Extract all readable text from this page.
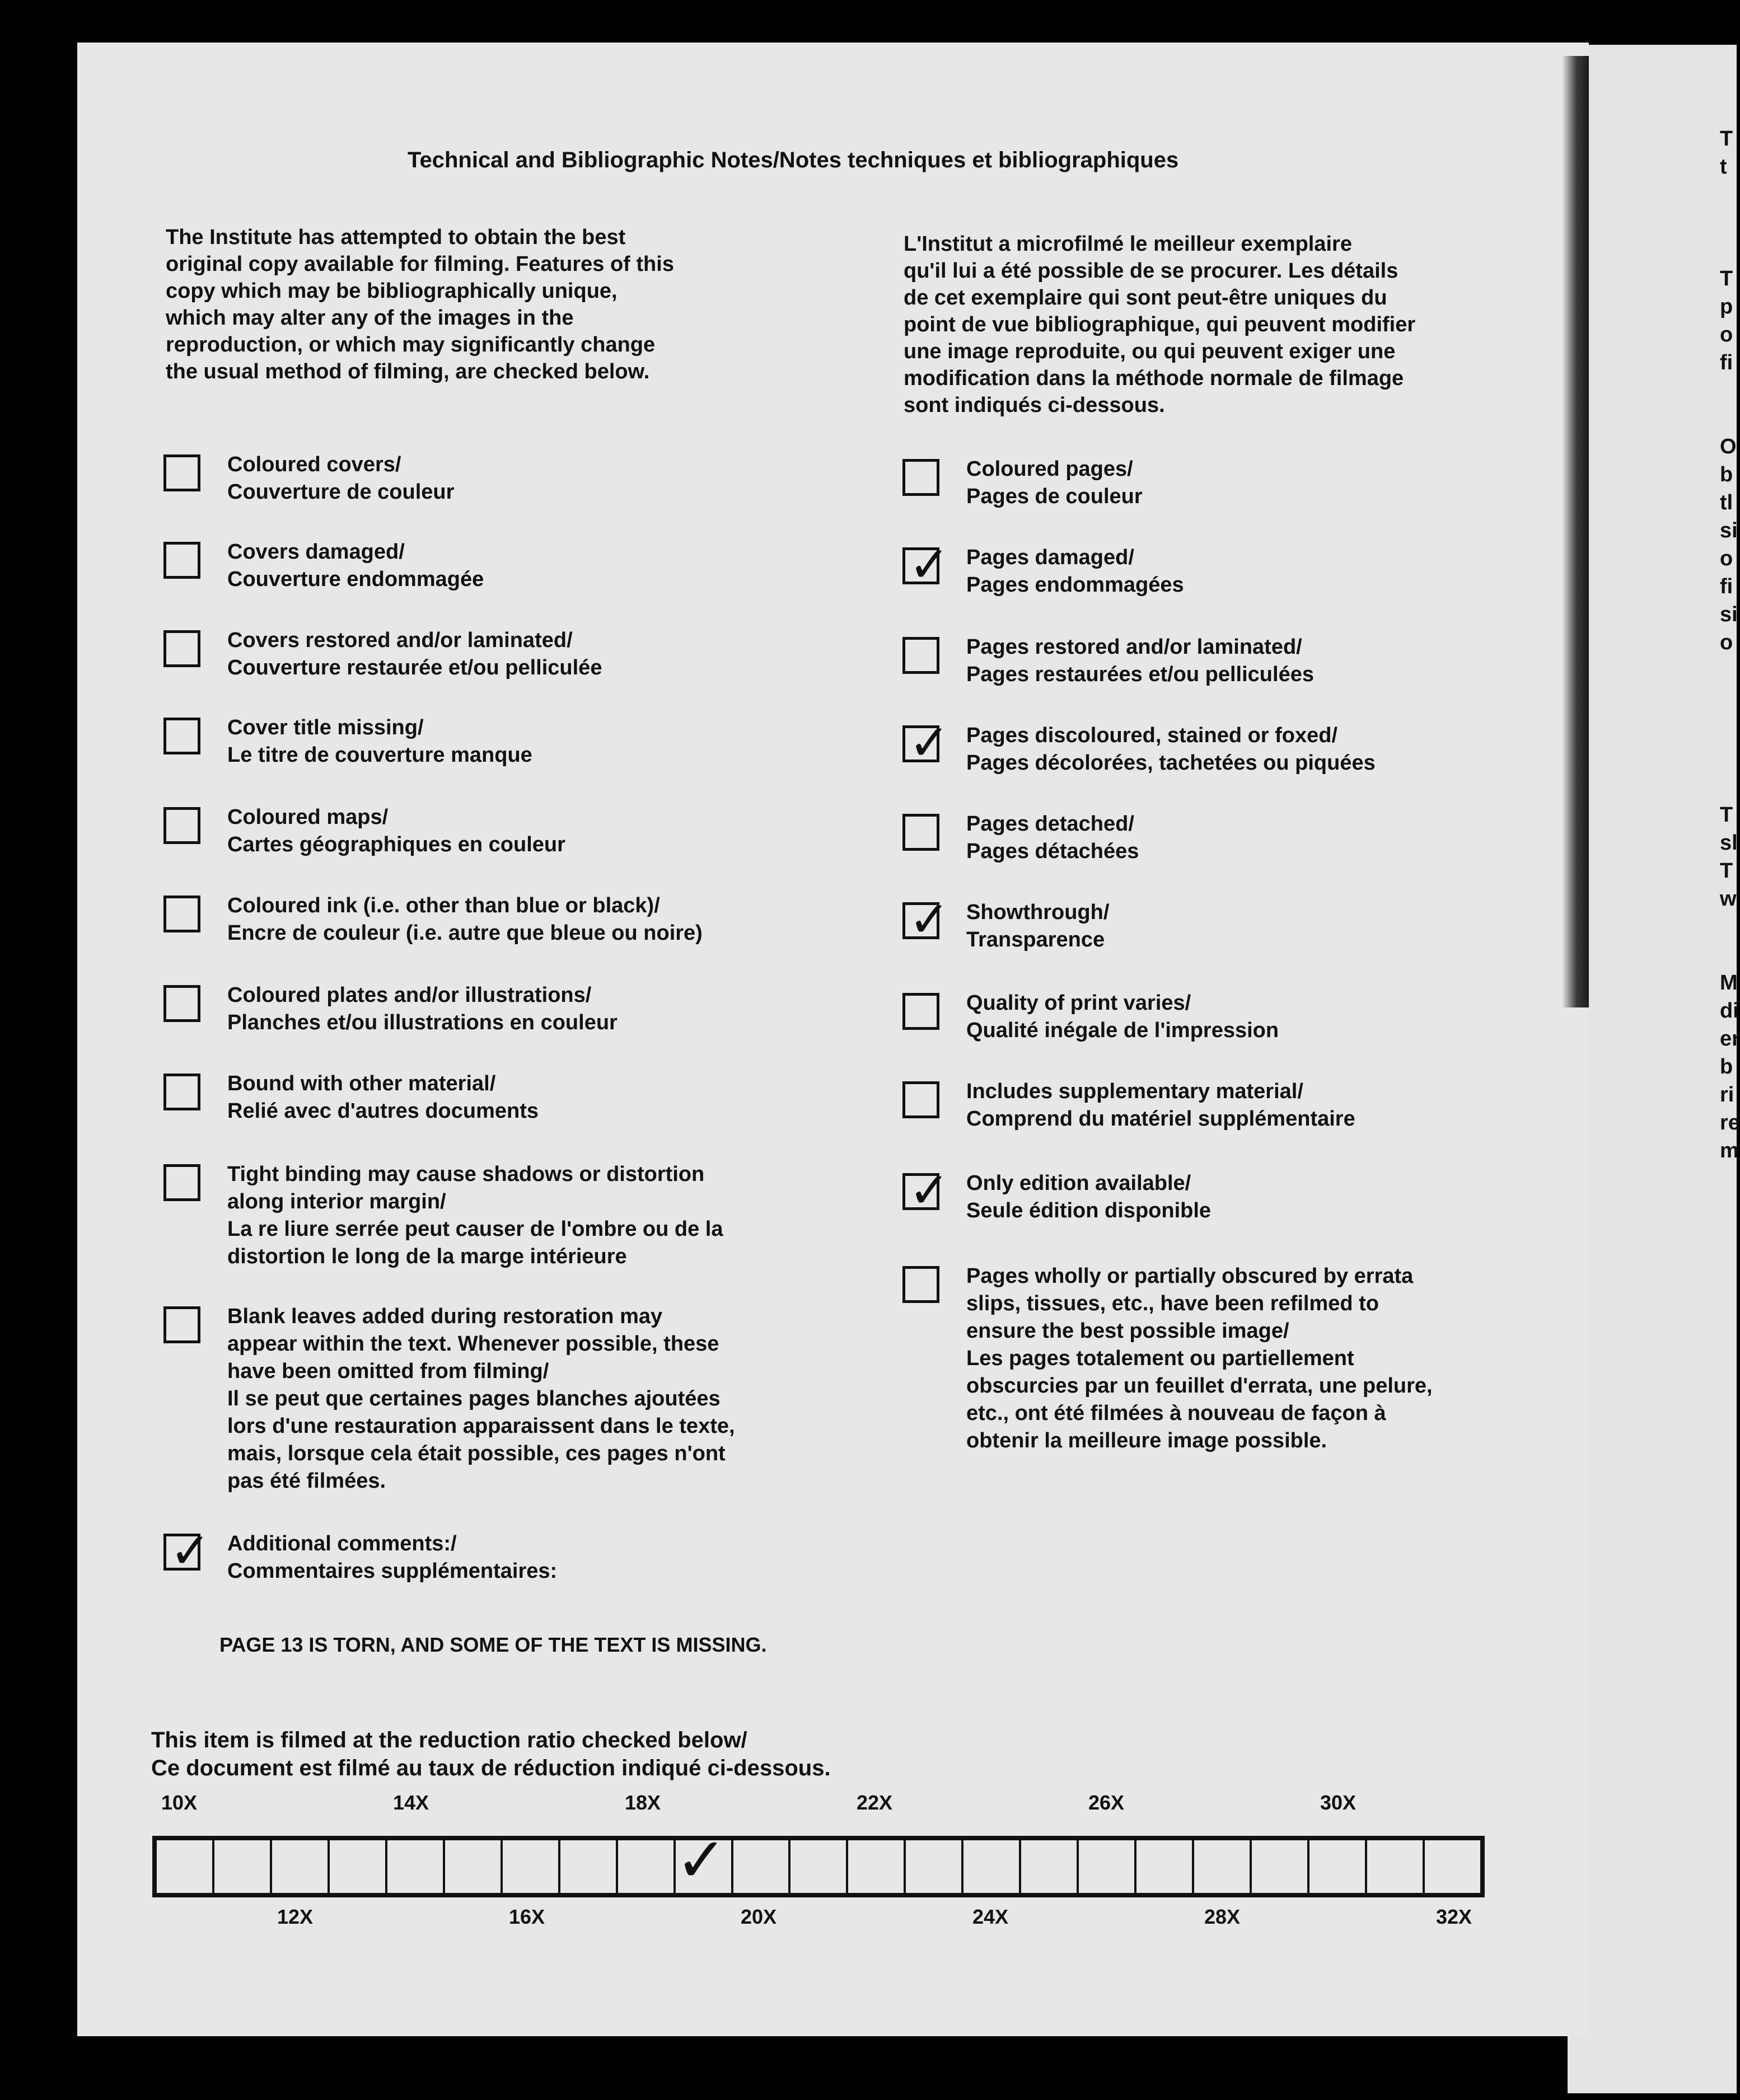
Technical and Bibliographic Notes/Notes techniques et bibliographiques
The Institute has attempted to obtain the best
original copy available for filming. Features of this
copy which may be bibliographically unique,
which may alter any of the images in the
reproduction, or which may significantly change
the usual method of filming, are checked below.
L'Institut a microfilmé le meilleur exemplaire
qu'il lui a été possible de se procurer. Les détails
de cet exemplaire qui sont peut-être uniques du
point de vue bibliographique, qui peuvent modifier
une image reproduite, ou qui peuvent exiger une
modification dans la méthode normale de filmage
sont indiqués ci-dessous.
Coloured covers/
Couverture de couleur
Covers damaged/
Couverture endommagée
Covers restored and/or laminated/
Couverture restaurée et/ou pelliculée
Cover title missing/
Le titre de couverture manque
Coloured maps/
Cartes géographiques en couleur
Coloured ink (i.e. other than blue or black)/
Encre de couleur (i.e. autre que bleue ou noire)
Coloured plates and/or illustrations/
Planches et/ou illustrations en couleur
Bound with other material/
Relié avec d'autres documents
Tight binding may cause shadows or distortion
along interior margin/
La re liure serrée peut causer de l'ombre ou de la
distortion le long de la marge intérieure
Blank leaves added during restoration may
appear within the text. Whenever possible, these
have been omitted from filming/
Il se peut que certaines pages blanches ajoutées
lors d'une restauration apparaissent dans le texte,
mais, lorsque cela était possible, ces pages n'ont
pas été filmées.
✓ Additional comments:/
Commentaires supplémentaires:
Coloured pages/
Pages de couleur
✓ Pages damaged/
Pages endommagées
Pages restored and/or laminated/
Pages restaurées et/ou pelliculées
✓ Pages discoloured, stained or foxed/
Pages décolorées, tachetées ou piquées
Pages detached/
Pages détachées
✓ Showthrough/
Transparence
Quality of print varies/
Qualité inégale de l'impression
Includes supplementary material/
Comprend du matériel supplémentaire
✓ Only edition available/
Seule édition disponible
Pages wholly or partially obscured by errata
slips, tissues, etc., have been refilmed to
ensure the best possible image/
Les pages totalement ou partiellement
obscurcies par un feuillet d'errata, une pelure,
etc., ont été filmées à nouveau de façon à
obtenir la meilleure image possible.
PAGE 13 IS TORN, AND SOME OF THE TEXT IS MISSING.
This item is filmed at the reduction ratio checked below/
Ce document est filmé au taux de réduction indiqué ci-dessous.
10X	14X	18X	22X	26X	30X
✓
12X	16X	20X	24X	28X	32X
T
t
T
p
o
fi
O
b
tl
si
o
fi
si
o
T
sl
T
w
M
di
er
b
ri
re
m
